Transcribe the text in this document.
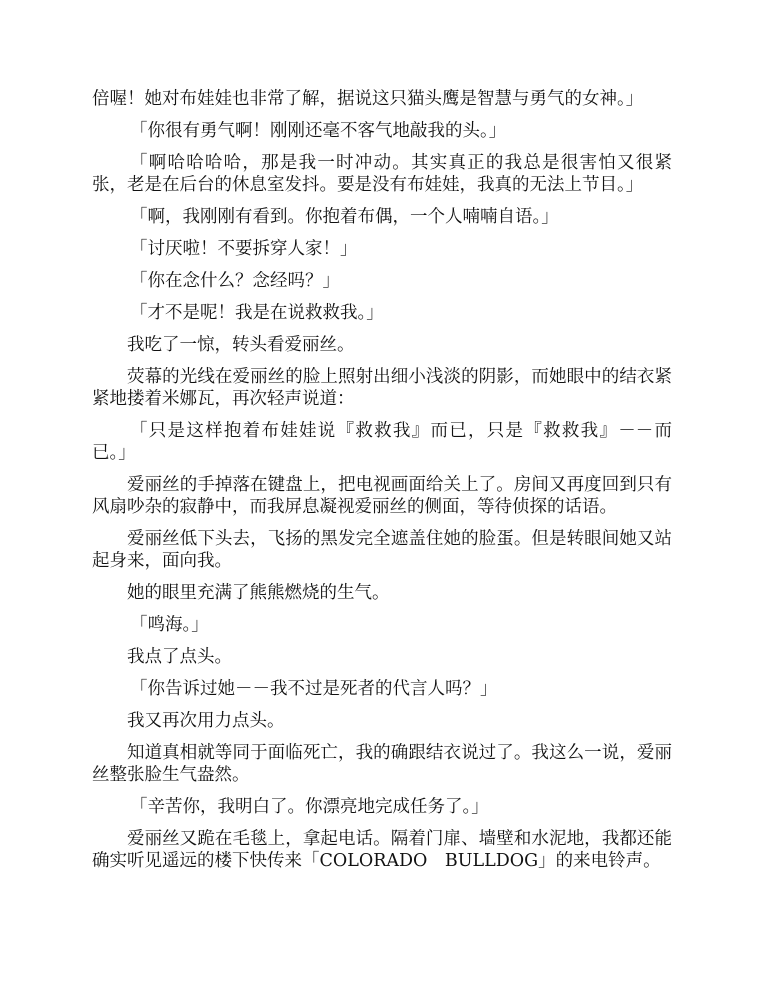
倍喔！她对布娃娃也非常了解，据说这只猫头鹰是智慧与勇气的女神。」

「你很有勇气啊！刚刚还毫不客气地敲我的头。」

「啊哈哈哈哈，那是我一时冲动。其实真正的我总是很害怕又很紧张，老是在后台的休息室发抖。要是没有布娃娃，我真的无法上节目。」

「啊，我刚刚有看到。你抱着布偶，一个人喃喃自语。」

「讨厌啦！不要拆穿人家！」

「你在念什么？念经吗？」

「才不是呢！我是在说救救我。」

我吃了一惊，转头看爱丽丝。

荧幕的光线在爱丽丝的脸上照射出细小浅淡的阴影，而她眼中的结衣紧紧地搂着米娜瓦，再次轻声说道：

「只是这样抱着布娃娃说『救救我』而已，只是『救救我』－－而已。」

爱丽丝的手掉落在键盘上，把电视画面给关上了。房间又再度回到只有风扇吵杂的寂静中，而我屏息凝视爱丽丝的侧面，等待侦探的话语。

爱丽丝低下头去，飞扬的黑发完全遮盖住她的脸蛋。但是转眼间她又站起身来，面向我。

她的眼里充满了熊熊燃烧的生气。

「鸣海。」

我点了点头。

「你告诉过她－－我不过是死者的代言人吗？」

我又再次用力点头。

知道真相就等同于面临死亡，我的确跟结衣说过了。我这么一说，爱丽丝整张脸生气盎然。

「辛苦你，我明白了。你漂亮地完成任务了。」

爱丽丝又跪在毛毯上，拿起电话。隔着门扉、墙壁和水泥地，我都还能确实听见遥远的楼下快传来「COLORADO　BULLDOG」的来电铃声。
